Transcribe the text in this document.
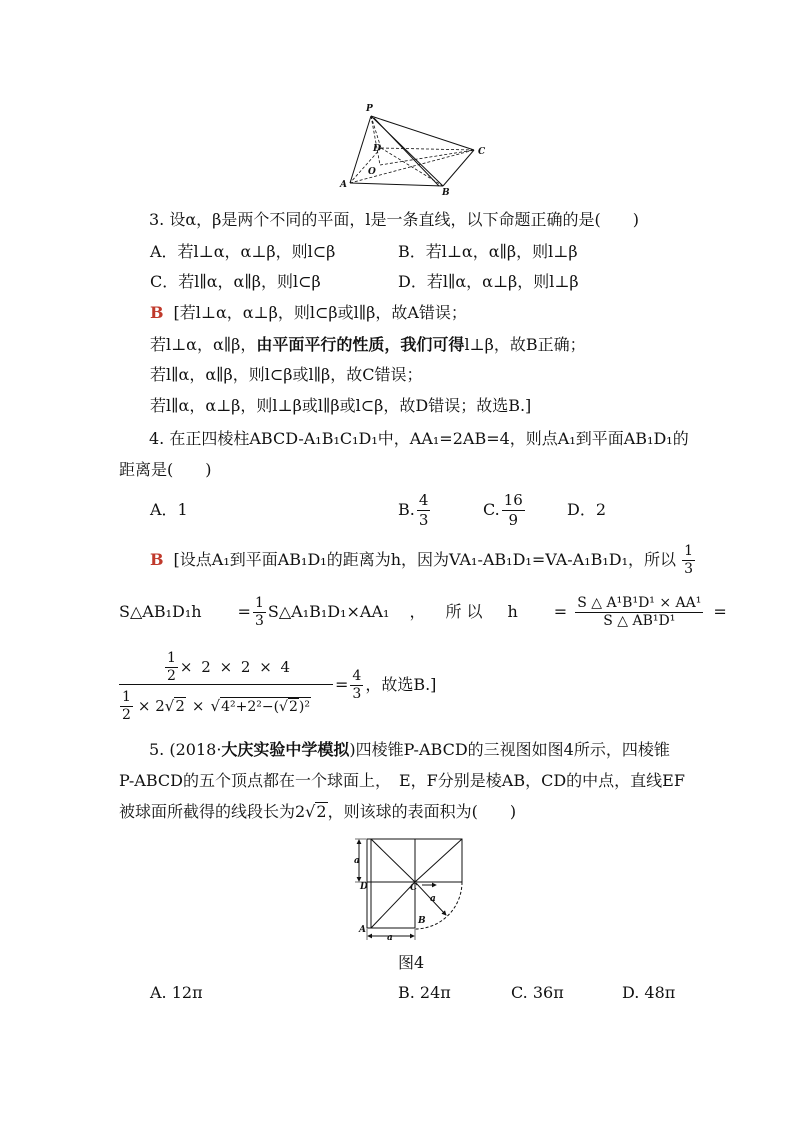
P
D
O
C
A
B
3. 设α，β是两个不同的平面，l是一条直线，以下命题正确的是(　　)
A．若l⊥α，α⊥β，则l⊂β	B．若l⊥α，α∥β，则l⊥β
C．若l∥α，α∥β，则l⊂β	D．若l∥α，α⊥β，则l⊥β
B [若l⊥α，α⊥β，则l⊂β或l∥β，故A错误；
若l⊥α，α∥β，由平面平行的性质，我们可得l⊥β，故B正确；
若l∥α，α∥β，则l⊂β或l∥β，故C错误；
若l∥α，α⊥β，则l⊥β或l∥β或l⊂β，故D错误；故选B.]
4. 在正四棱柱ABCD-A₁B₁C₁D₁中，AA₁=2AB=4，则点A₁到平面AB₁D₁的
距离是(　　)
A．1	B. $\frac{4}{3}$	C. $\frac{16}{9}$	D．2
B [设点A₁到平面AB₁D₁的距离为h，因为VA₁-AB₁D₁=VA-A₁B₁D₁，所以 $\frac{1}{3}$
S△AB₁D₁h = $\frac{1}{3}$ S△A₁B₁D₁×AA₁ ， 所以 $h = \frac{\text{S △ A¹B¹D¹ × AA¹}}{\text{S △ AB¹D¹}}$ =
$\frac{1}{2} \times 2 \times 2 \times 4$
$\frac{1}{2} \times 2√$ 2 × √ 4²+2²−(√2)²
= $\frac{4}{3}$ ，故选B.]
5. (2018·大庆实验中学模拟)四棱锥P-ABCD的三视图如图4所示，四棱锥
P-ABCD的五个顶点都在一个球面上，　E，F分别是棱AB，CD的中点，直线EF
被球面所截得的线段长为2√2，则该球的表面积为(　　)
a
D	C
A
B
a
a
图4
A. 12π	B. 24π	C. 36π	D. 48π
